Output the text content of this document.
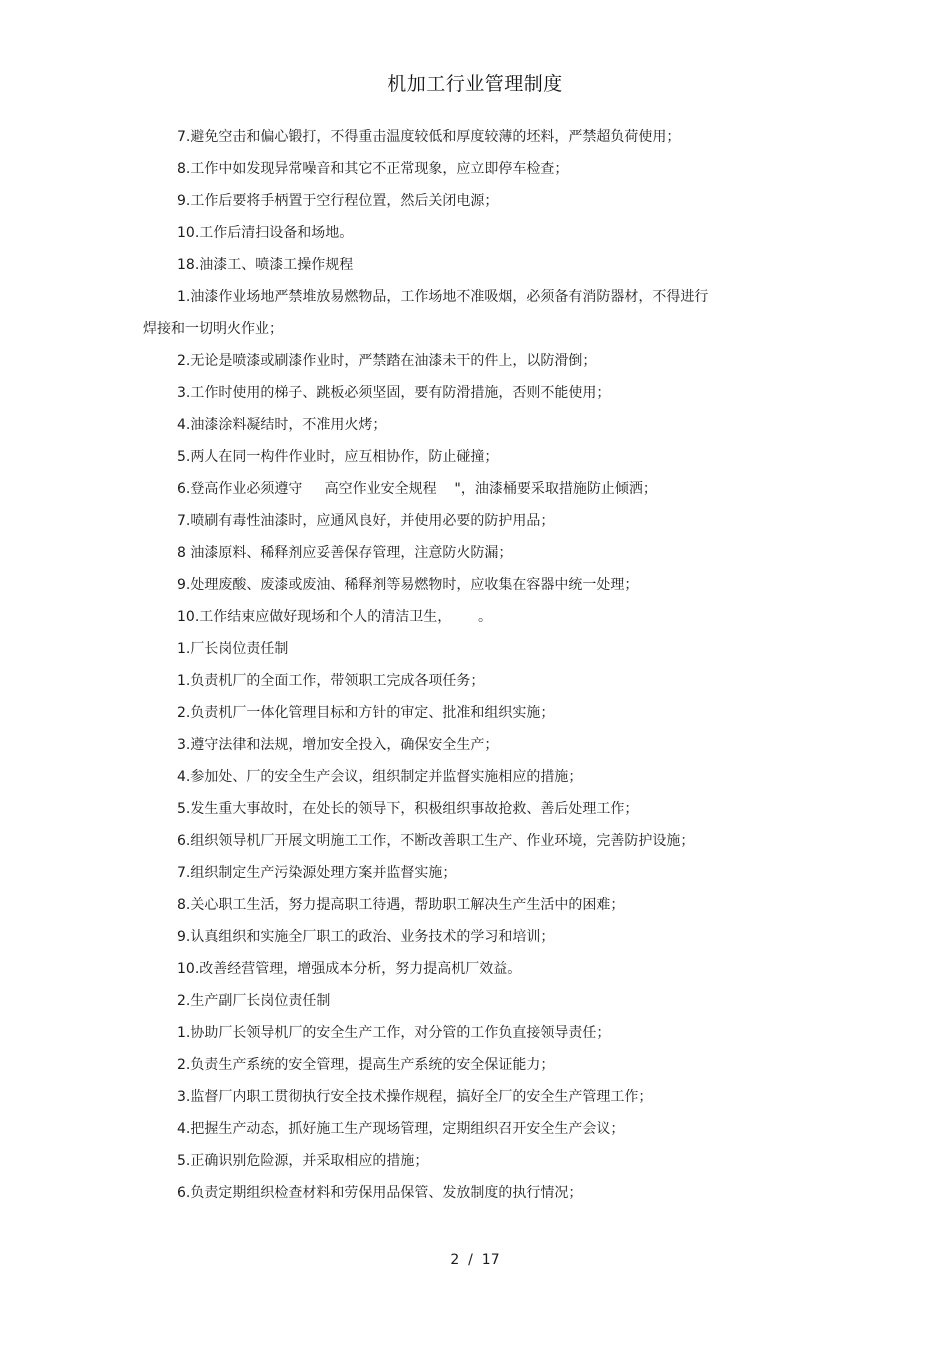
机加工行业管理制度
7.避免空击和偏心锻打，不得重击温度较低和厚度较薄的坯料，严禁超负荷使用；
8.工作中如发现异常噪音和其它不正常现象，应立即停车检查；
9.工作后要将手柄置于空行程位置，然后关闭电源；
10.工作后清扫设备和场地。
18.油漆工、喷漆工操作规程
1.油漆作业场地严禁堆放易燃物品，工作场地不准吸烟，必须备有消防器材，不得进行
焊接和一切明火作业；
2.无论是喷漆或刷漆作业时，严禁踏在油漆未干的件上，以防滑倒；
3.工作时使用的梯子、跳板必须坚固，要有防滑措施，否则不能使用；
4.油漆涂料凝结时，不准用火烤；
5.两人在同一构件作业时，应互相协作，防止碰撞；
6.登高作业必须遵守     高空作业安全规程    "，油漆桶要采取措施防止倾洒；
7.喷刷有毒性油漆时，应通风良好，并使用必要的防护用品；
8 油漆原料、稀释剂应妥善保存管理，注意防火防漏；
9.处理废酸、废漆或废油、稀释剂等易燃物时，应收集在容器中统一处理；
10.工作结束应做好现场和个人的清洁卫生，      。
1.厂长岗位责任制
1.负责机厂的全面工作，带领职工完成各项任务；
2.负责机厂一体化管理目标和方针的审定、批准和组织实施；
3.遵守法律和法规，增加安全投入，确保安全生产；
4.参加处、厂的安全生产会议，组织制定并监督实施相应的措施；
5.发生重大事故时，在处长的领导下，积极组织事故抢救、善后处理工作；
6.组织领导机厂开展文明施工工作，不断改善职工生产、作业环境，完善防护设施；
7.组织制定生产污染源处理方案并监督实施；
8.关心职工生活，努力提高职工待遇，帮助职工解决生产生活中的困难；
9.认真组织和实施全厂职工的政治、业务技术的学习和培训；
10.改善经营管理，增强成本分析，努力提高机厂效益。
2.生产副厂长岗位责任制
1.协助厂长领导机厂的安全生产工作，对分管的工作负直接领导责任；
2.负责生产系统的安全管理，提高生产系统的安全保证能力；
3.监督厂内职工贯彻执行安全技术操作规程，搞好全厂的安全生产管理工作；
4.把握生产动态，抓好施工生产现场管理，定期组织召开安全生产会议；
5.正确识别危险源，并采取相应的措施；
6.负责定期组织检查材料和劳保用品保管、发放制度的执行情况；
2  /  17
